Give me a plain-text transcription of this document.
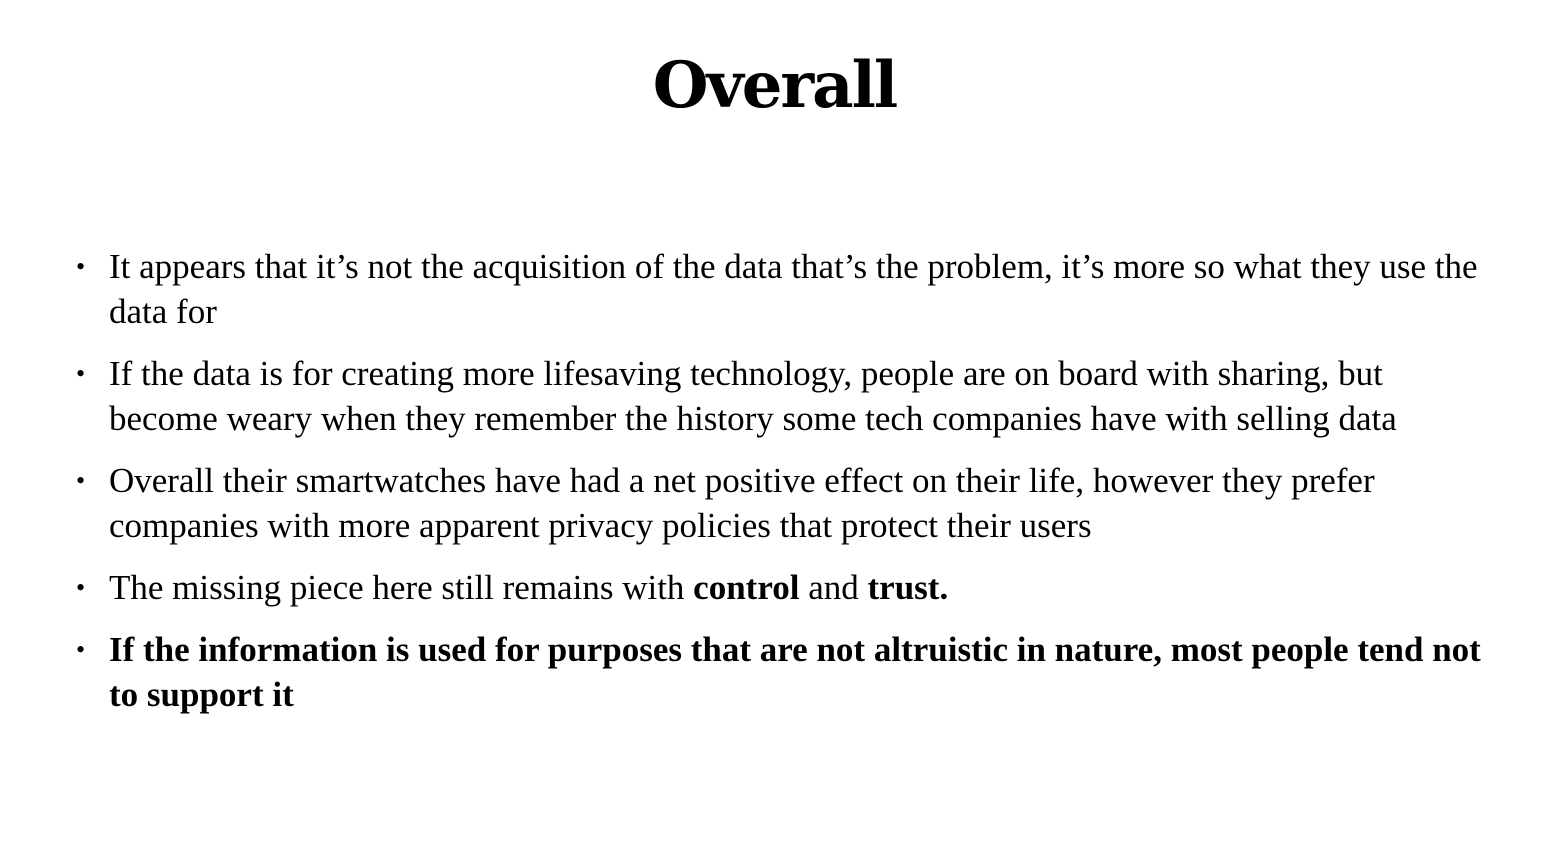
Overall
• It appears that it’s not the acquisition of the data that’s the problem, it’s more so what they use the data for
• If the data is for creating more lifesaving technology, people are on board with sharing, but become weary when they remember the history some tech companies have with selling data
• Overall their smartwatches have had a net positive effect on their life, however they prefer companies with more apparent privacy policies that protect their users
• The missing piece here still remains with control and trust.
• If the information is used for purposes that are not altruistic in nature, most people tend not to support it
